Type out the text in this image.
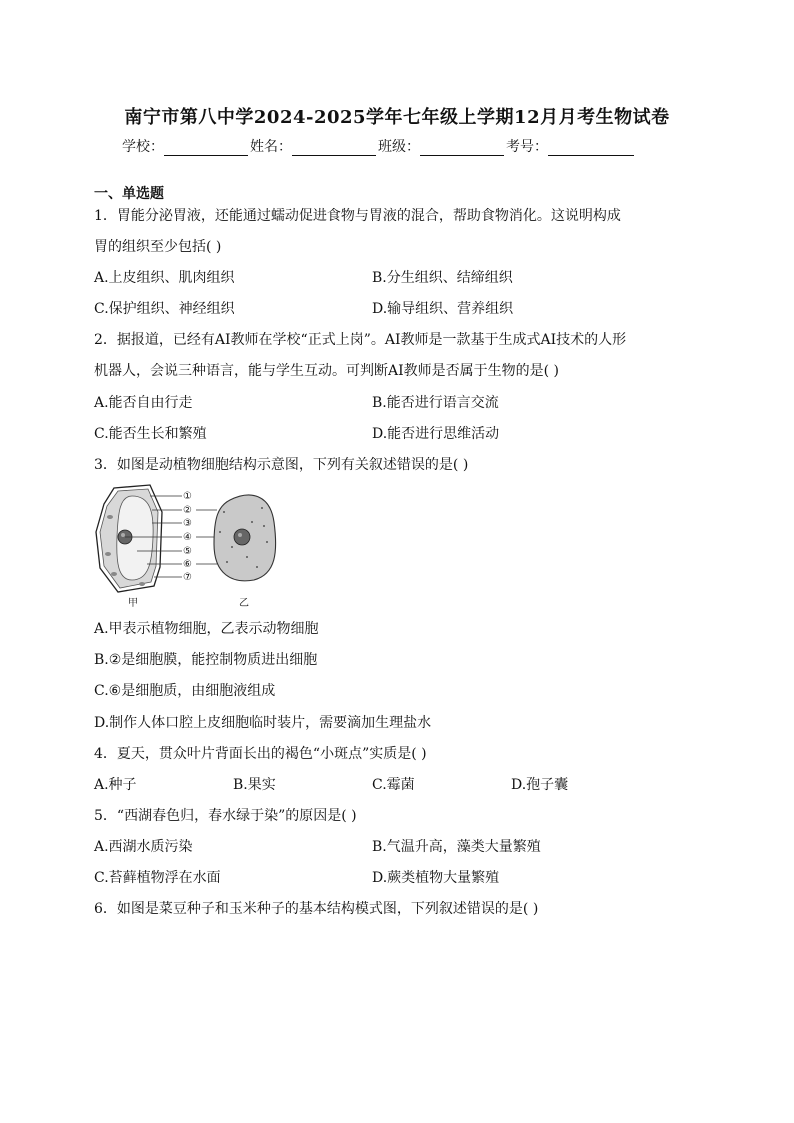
南宁市第八中学2024-2025学年七年级上学期12月月考生物试卷
学校：	姓名：	班级：	考号：
一、单选题
1．胃能分泌胃液，还能通过蠕动促进食物与胃液的混合，帮助食物消化。这说明构成
胃的组织至少包括( )
A.上皮组织、肌肉组织	B.分生组织、结缔组织
C.保护组织、神经组织	D.输导组织、营养组织
2．据报道，已经有AI教师在学校“正式上岗”。AI教师是一款基于生成式AI技术的人形
机器人，会说三种语言，能与学生互动。可判断AI教师是否属于生物的是( )
A.能否自由行走	B.能否进行语言交流
C.能否生长和繁殖	D.能否进行思维活动
3．如图是动植物细胞结构示意图，下列有关叙述错误的是( )
①
②
③
④
⑤
⑥
⑦
甲	乙
A.甲表示植物细胞，乙表示动物细胞
B.②是细胞膜，能控制物质进出细胞
C.⑥是细胞质，由细胞液组成
D.制作人体口腔上皮细胞临时装片，需要滴加生理盐水
4．夏天，贯众叶片背面长出的褐色“小斑点”实质是( )
A.种子	B.果实	C.霉菌	D.孢子囊
5．“西湖春色归，春水绿于染”的原因是( )
A.西湖水质污染	B.气温升高，藻类大量繁殖
C.苔藓植物浮在水面	D.蕨类植物大量繁殖
6．如图是菜豆种子和玉米种子的基本结构模式图，下列叙述错误的是( )
